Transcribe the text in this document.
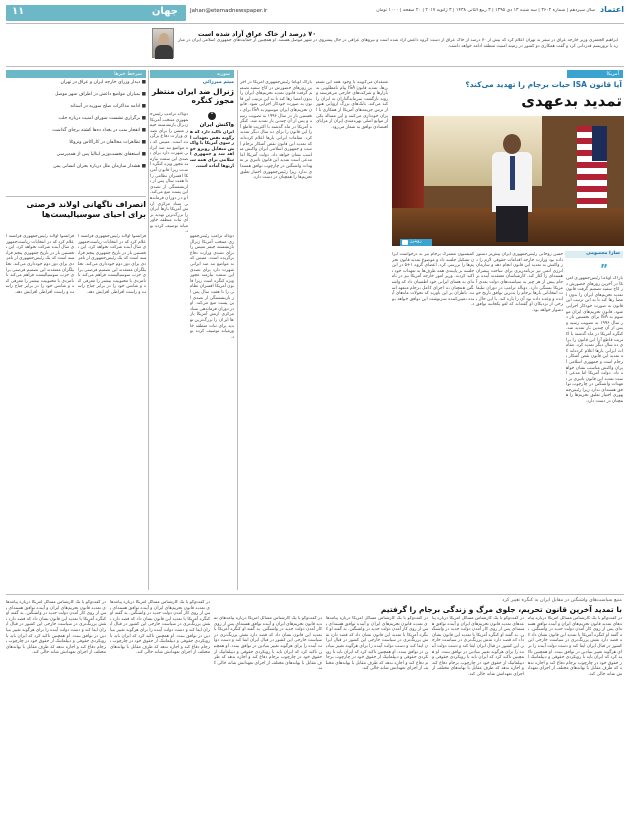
۱۱	جهان Jahan@etemadnewspaper.ir	سال سیزدهم | شماره ۳۶۰۲ | سه شنبه ۱۳ دی ۱۳۹۵ | ۳ ربیع الثانی ۱۴۳۸ | ۳ ژانویه ۲۰۱۷ | ۲۰ صفحه | ۱۰۰۰ تومان اعتماد
۷۰ درصد از خاک عراق آزاد شده است
ابراهیم الجعفری وزیر خارجه عراق در سفر به تهران اعلام کرد که بیش از ۷۰ درصد از خاک عراق از دست گروه داعش آزاد شده است و نیروهای عراقی در حال پیشروی در شهر موصل هستند. او همچنین از حمایت‌های جمهوری اسلامی ایران در مبارزه با تروریسم قدردانی کرد و گفت همکاری دو کشور در زمینه امنیت منطقه ادامه خواهد داشت.
آمریکا
آیا قانون ISA حیات برجام را تهدید می‌کند؟
تمدید بدعهدی
رویترز
سارا معصومی
”
باراک اوباما رئیس‌جمهوری آمریکا در آخرین روزهای حضورش در کاخ سفید تصمیم گرفت قانون تمدید تحریم‌های ایران را بدون امضا رها کند تا به این ترتیب این قانون به صورت خودکار اجرایی شود. قانون تحریم‌های ایران موسوم به ISA برای نخستین بار در سال ۱۹۹۶ به تصویب رسید و پس از آن چندین بار تمدید شد. کنگره آمریکا در ماه گذشته با اکثریت قاطع آرا این قانون را برای ده سال دیگر تمدید کرد. مقامات ایرانی بارها اعلام کرده‌اند که تمدید این قانون نقض آشکار برجام است و جمهوری اسلامی ایران واکنش مناسب نشان خواهد داد. دولت آمریکا اما مدعی است تمدید این قانون تاثیری بر تعهدات واشنگتن در چارچوب توافق هسته‌ای ندارد زیرا رئیس‌جمهوری اختیار تعلیق تحریم‌ها را همچنان در دست دارد.
حسن روحانی رئیس‌جمهوری ایران پیش‌تر دستور داده بود وزارت خارجه اقدامات حقوقی لازم را در واکنش به تمدید این قانون انجام دهد و سازمان انرژی اتمی نیز برنامه‌ریزی برای ساخت پیشران هسته‌ای را آغاز کند. کارشناسان معتقدند آینده برجام بیش از هر چیز به سیاست‌های دولت بعدی آمریکا بستگی دارد. دونالد ترامپ در دوران تبلیغات انتخاباتی بارها برجام را بدترین توافق تاریخ خوانده و وعده داده بود آن را پاره کند. با این حال برخی از نزدیکان او گفته‌اند که لغو یکجانبه توافق دشوار خواهد بود.
کمیسیون مشترک برجام نیز به درخواست ایران تشکیل جلسه داد و موضوع تمدید قانون تحریم‌ها را بررسی کرد. اعضای گروه ۱+۵ در این جلسه بر پایبندی همه طرف‌ها به تعهدات خود تاکید کردند. وزیر امور خارجه آمریکا نیز در نامه‌ای به همتای ایرانی خود اطمینان داد که واشنگتن همچنان به اجرای کامل برجام متعهد است. ناظران بر این باورند که تحولات ماه‌های آینده تعیین‌کننده سرنوشت این توافق خواهد بود.
منتقدان می‌گویند با وجود همه این تضمین‌ها، تمدید قانون ISA پیام نامطلوبی به بازارها و شرکت‌های خارجی می‌فرستد و روند بازگشت سرمایه‌گذاران به ایران را کند می‌کند. بانک‌های بزرگ اروپایی هنوز از ترس جریمه‌های آمریکا از همکاری با ایران خودداری می‌کنند و این مساله یکی از موانع اصلی بهره‌مندی ایران از مزایای اقتصادی توافق به شمار می‌رود.
باراک اوباما رئیس‌جمهوری آمریکا در آخرین روزهای حضورش در کاخ سفید تصمیم گرفت قانون تمدید تحریم‌های ایران را بدون امضا رها کند تا به این ترتیب این قانون به صورت خودکار اجرایی شود. قانون تحریم‌های ایران موسوم به ISA برای نخستین بار در سال ۱۹۹۶ به تصویب رسید و پس از آن چندین بار تمدید شد. کنگره آمریکا در ماه گذشته با اکثریت قاطع آرا این قانون را برای ده سال دیگر تمدید کرد. مقامات ایرانی بارها اعلام کرده‌اند که تمدید این قانون نقض آشکار برجام است و جمهوری اسلامی ایران واکنش مناسب نشان خواهد داد. دولت آمریکا اما مدعی است تمدید این قانون تاثیری بر تعهدات واشنگتن در چارچوب توافق هسته‌ای ندارد زیرا رئیس‌جمهوری اختیار تعلیق تحریم‌ها را همچنان در دست دارد.
سوریه
میثم میرزائی
ژنرال ضد ایران منتظر مجوز کنگره
“
واکنش ایران
ایران تاکید دارد که هرگونه نقض تعهدات از سوی آمریکا با واکنش متقابل روبرو خواهد شد و جمهوری اسلامی برای همه سناریوها آماده است.
دونالد ترامپ رئیس‌جمهوری منتخب آمریکا ژنرال بازنشسته جیمز متیس را برای تصدی وزارت دفاع برگزیده است. متیس که به مواضع تند ضد ایرانی شهرت دارد برای تصدی این سمت نیازمند مجوز ویژه کنگره است زیرا قانون آمریکا افسران نظامی را تا هفت سال پس از بازنشستگی از تصدی این پست منع می‌کند. او در دوران فرماندهی ستاد مرکزی ارتش آمریکا بارها ایران را بزرگ‌ترین تهدید برای ثبات منطقه خاورمیانه توصیف کرده بود.
دونالد ترامپ رئیس‌جمهوری منتخب آمریکا ژنرال بازنشسته جیمز متیس را برای تصدی وزارت دفاع برگزیده است. متیس که به مواضع تند ضد ایرانی شهرت دارد برای تصدی این سمت نیازمند مجوز ویژه کنگره است زیرا قانون آمریکا افسران نظامی را تا هفت سال پس از بازنشستگی از تصدی این پست منع می‌کند. او در دوران فرماندهی ستاد مرکزی ارتش آمریکا بارها ایران را بزرگ‌ترین تهدید برای ثبات منطقه خاورمیانه توصیف کرده بود.
سرخط خبرها
■ دیدار وزرای خارجه ایران و عراق در تهران
■ بمباران مواضع داعش در اطراف شهر موصل
■ ادامه مذاکرات صلح سوریه در آستانه
■ برگزاری نشست شورای امنیت درباره حلب
■ انفجار بمب در بغداد ده‌ها کشته برجای گذاشت
■ تظاهرات مخالفان در کاراکاس ونزوئلا
■ استعفای نخست‌وزیر ایتالیا پس از همه‌پرسی
■ هشدار سازمان ملل درباره بحران انسانی یمن
انصراف ناگهانی اولاند فرصتی برای احیای سوسیالیست‌ها
فرانسوا اولاند رئیس‌جمهوری فرانسه اعلام کرد که در انتخابات ریاست‌جمهوری سال آینده شرکت نخواهد کرد. این نخستین بار در تاریخ جمهوری پنجم فرانسه است که یک رئیس‌جمهوری از نامزدی برای دور دوم خودداری می‌کند. تحلیلگران معتقدند این تصمیم فرصتی برای حزب سوسیالیست فراهم می‌کند تا نامزدی با محبوبیت بیشتر را معرفی کند و شانس خود را در برابر جناح راست و راست افراطی افزایش دهد.
فرانسوا اولاند رئیس‌جمهوری فرانسه اعلام کرد که در انتخابات ریاست‌جمهوری سال آینده شرکت نخواهد کرد. این نخستین بار در تاریخ جمهوری پنجم فرانسه است که یک رئیس‌جمهوری از نامزدی برای دور دوم خودداری می‌کند. تحلیلگران معتقدند این تصمیم فرصتی برای حزب سوسیالیست فراهم می‌کند تا نامزدی با محبوبیت بیشتر را معرفی کند و شانس خود را در برابر جناح راست و راست افراطی افزایش دهد.
منبع سیاست‌های واشنگتن در مقابل ایران به کنگره تغییر کرد
با تمدید آخرین قانون تحریم، جلوی مرگ و زندگی برجام را گرفتیم
در گفت‌وگو با یک کارشناس مسائل آمریکا درباره پیامدهای تمدید قانون تحریم‌های ایران و آینده توافق هسته‌ای پس از روی کار آمدن دولت جدید در واشنگتن. به گفته او کنگره آمریکا با تمدید این قانون نشان داد که قصد دارد نقش پررنگ‌تری در سیاست خارجی این کشور در قبال ایران ایفا کند و دست دولت آینده را برای هرگونه تغییر بنیادین در توافق ببندد. او همچنین تاکید کرد که ایران باید با رویکردی حقوقی و دیپلماتیک از حقوق خود در چارچوب برجام دفاع کند و اجازه ندهد که طرف مقابل با بهانه‌های مختلف از اجرای تعهداتش شانه خالی کند.
در گفت‌وگو با یک کارشناس مسائل آمریکا درباره پیامدهای تمدید قانون تحریم‌های ایران و آینده توافق هسته‌ای پس از روی کار آمدن دولت جدید در واشنگتن. به گفته او کنگره آمریکا با تمدید این قانون نشان داد که قصد دارد نقش پررنگ‌تری در سیاست خارجی این کشور در قبال ایران ایفا کند و دست دولت آینده را برای هرگونه تغییر بنیادین در توافق ببندد. او همچنین تاکید کرد که ایران باید با رویکردی حقوقی و دیپلماتیک از حقوق خود در چارچوب برجام دفاع کند و اجازه ندهد که طرف مقابل با بهانه‌های مختلف از اجرای تعهداتش شانه خالی کند.
در گفت‌وگو با یک کارشناس مسائل آمریکا درباره پیامدهای تمدید قانون تحریم‌های ایران و آینده توافق هسته‌ای پس از روی کار آمدن دولت جدید در واشنگتن. به گفته او کنگره آمریکا با تمدید این قانون نشان داد که قصد دارد نقش پررنگ‌تری در سیاست خارجی این کشور در قبال ایران ایفا کند و دست دولت آینده را برای هرگونه تغییر بنیادین در توافق ببندد. او همچنین تاکید کرد که ایران باید با رویکردی حقوقی و دیپلماتیک از حقوق خود در چارچوب برجام دفاع کند و اجازه ندهد که طرف مقابل با بهانه‌های مختلف از اجرای تعهداتش شانه خالی کند.
در گفت‌وگو با یک کارشناس مسائل آمریکا درباره پیامدهای تمدید قانون تحریم‌های ایران و آینده توافق هسته‌ای پس از روی کار آمدن دولت جدید در واشنگتن. به گفته او کنگره آمریکا با تمدید این قانون نشان داد که قصد دارد نقش پررنگ‌تری در سیاست خارجی این کشور در قبال ایران ایفا کند و دست دولت آینده را برای هرگونه تغییر بنیادین در توافق ببندد. او همچنین تاکید کرد که ایران باید با رویکردی حقوقی و دیپلماتیک از حقوق خود در چارچوب برجام دفاع کند و اجازه ندهد که طرف مقابل با بهانه‌های مختلف از اجرای تعهداتش شانه خالی کند.
در گفت‌وگو با یک کارشناس مسائل آمریکا درباره پیامدهای تمدید قانون تحریم‌های ایران و آینده توافق هسته‌ای پس از روی کار آمدن دولت جدید در واشنگتن. به گفته او کنگره آمریکا با تمدید این قانون نشان داد که قصد دارد نقش پررنگ‌تری در سیاست خارجی این کشور در قبال ایران ایفا کند و دست دولت آینده را برای هرگونه تغییر بنیادین در توافق ببندد. او همچنین تاکید کرد که ایران باید با رویکردی حقوقی و دیپلماتیک از حقوق خود در چارچوب برجام دفاع کند و اجازه ندهد که طرف مقابل با بهانه‌های مختلف از اجرای تعهداتش شانه خالی کند.
در گفت‌وگو با یک کارشناس مسائل آمریکا درباره پیامدهای تمدید قانون تحریم‌های ایران و آینده توافق هسته‌ای پس از روی کار آمدن دولت جدید در واشنگتن. به گفته او کنگره آمریکا با تمدید این قانون نشان داد که قصد دارد نقش پررنگ‌تری در سیاست خارجی این کشور در قبال ایران ایفا کند و دست دولت آینده را برای هرگونه تغییر بنیادین در توافق ببندد. او همچنین تاکید کرد که ایران باید با رویکردی حقوقی و دیپلماتیک از حقوق خود در چارچوب برجام دفاع کند و اجازه ندهد که طرف مقابل با بهانه‌های مختلف از اجرای تعهداتش شانه خالی کند.
